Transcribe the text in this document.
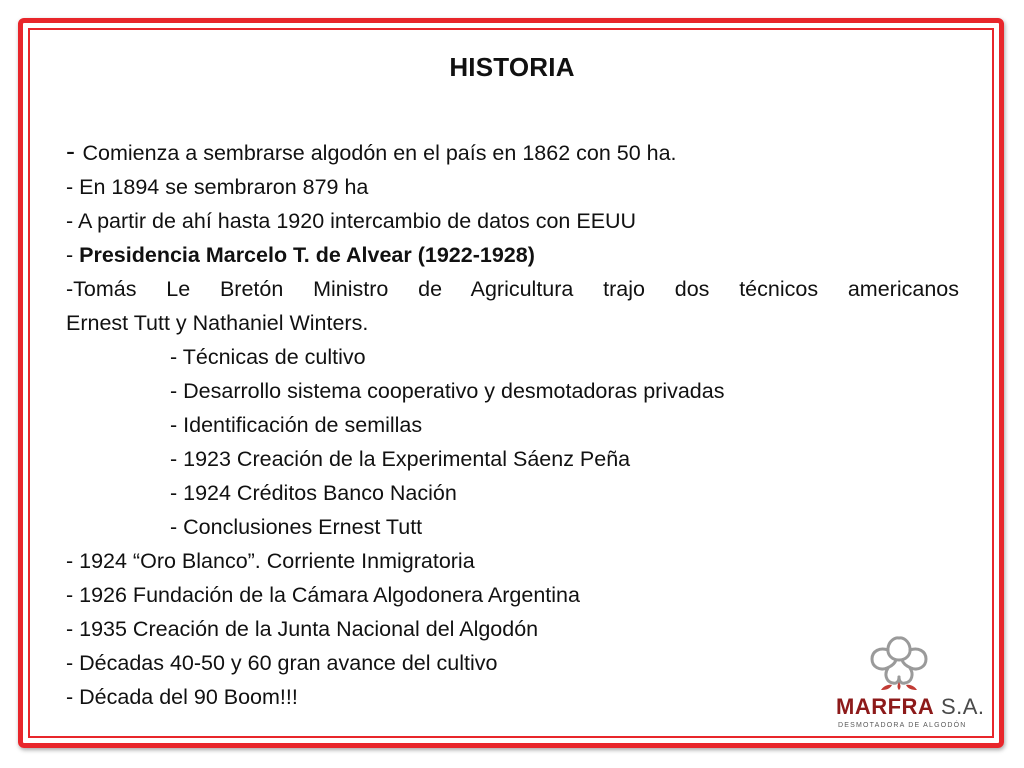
HISTORIA
- Comienza a sembrarse algodón en el país en 1862 con 50 ha.
- En 1894 se sembraron 879 ha
- A partir de ahí hasta 1920 intercambio de datos con EEUU
- Presidencia Marcelo T. de Alvear (1922-1928)
-Tomás Le Bretón Ministro de Agricultura trajo dos técnicos americanos
Ernest Tutt y Nathaniel Winters.
- Técnicas de cultivo
- Desarrollo sistema cooperativo y desmotadoras privadas
- Identificación de semillas
- 1923 Creación de la Experimental Sáenz Peña
- 1924 Créditos Banco Nación
- Conclusiones Ernest Tutt
- 1924 “Oro Blanco”. Corriente Inmigratoria
- 1926 Fundación de la Cámara Algodonera Argentina
- 1935 Creación de la Junta Nacional del Algodón
- Décadas 40-50 y 60 gran avance del cultivo
- Década del 90 Boom!!!	MARFRA S.A.
DESMOTADORA DE ALGODÓN
